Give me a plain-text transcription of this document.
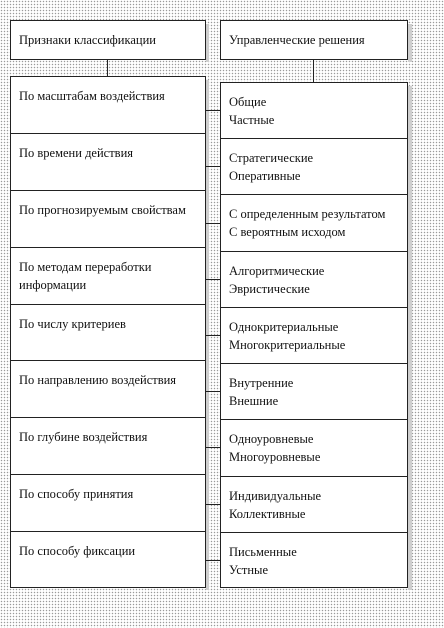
Признаки классификации	Управленческие решения
По масштабам воздействия
По времени действия
По прогнозируемым свойствам
По методам переработки
информации
По числу критериев
По направлению воздействия
По глубине воздействия
По способу принятия
По способу фиксации
Общие
Частные
Стратегические
Оперативные
С определенным результатом
С вероятным исходом
Алгоритмические
Эвристические
Однокритериальные
Многокритериальные
Внутренние
Внешние
Одноуровневые
Многоуровневые
Индивидуальные
Коллективные
Письменные
Устные
